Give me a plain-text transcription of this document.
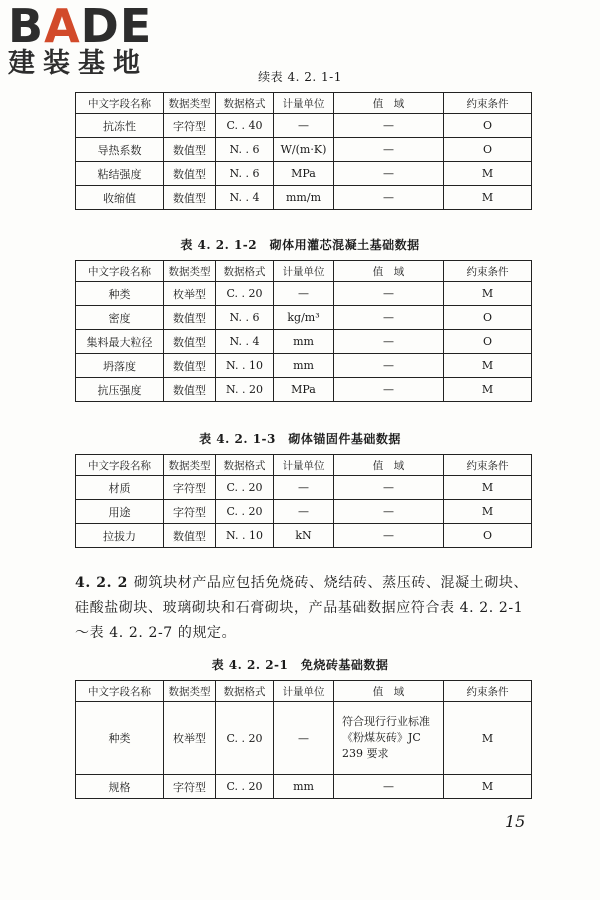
BADE
建装基地	续表 4. 2. 1-1
中文字段名称	数据类型	数据格式	计量单位	值　域	约束条件
抗冻性	字符型	C. . 40	—	—	O
导热系数	数值型	N. . 6	W/(m·K)	—	O
粘结强度	数值型	N. . 6	MPa	—	M
收缩值	数值型	N. . 4	mm/m	—	M
表 4. 2. 1-2　砌体用灌芯混凝土基础数据
中文字段名称	数据类型	数据格式	计量单位	值　域	约束条件
种类	枚举型	C. . 20	—	—	M
密度	数值型	N. . 6	kg/m³	—	O
集料最大粒径	数值型	N. . 4	mm	—	O
坍落度	数值型	N. . 10	mm	—	M
抗压强度	数值型	N. . 20	MPa	—	M
表 4. 2. 1-3　砌体锚固件基础数据
中文字段名称	数据类型	数据格式	计量单位	值　域	约束条件
材质	字符型	C. . 20	—	—	M
用途	字符型	C. . 20	—	—	M
拉拔力	数值型	N. . 10	kN	—	O
4. 2. 2 砌筑块材产品应包括免烧砖、烧结砖、蒸压砖、混凝土砌块、硅酸盐砌块、玻璃砌块和石膏砌块，产品基础数据应符合表 4. 2. 2-1～表 4. 2. 2-7 的规定。
表 4. 2. 2-1　免烧砖基础数据
中文字段名称	数据类型	数据格式	计量单位	值　域	约束条件
种类	枚举型	C. . 20	—	符合现行行业标准《粉煤灰砖》JC 239 要求	M
规格	字符型	C. . 20	mm	—	M
15
